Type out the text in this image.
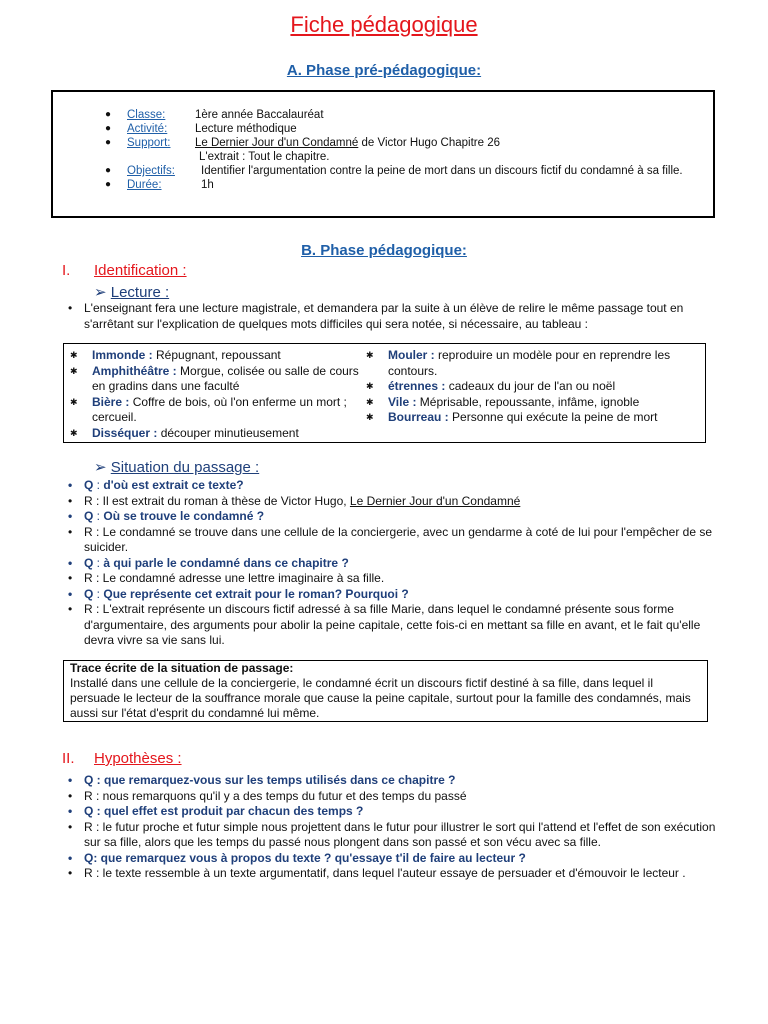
Fiche pédagogique
A. Phase pré-pédagogique:
● Classe:	1ère année Baccalauréat
● Activité: Lecture méthodique
● Support: Le Dernier Jour d'un Condamné de Victor Hugo Chapitre 26
L'extrait : Tout le chapitre.
● Objectifs: Identifier l'argumentation contre la peine de mort dans un discours fictif du condamné à sa fille.
● Durée:	1h
B. Phase pédagogique:
I. Identification :
➢ Lecture :
• L'enseignant fera une lecture magistrale, et demandera par la suite à un élève de relire le même passage tout en s'arrêtant sur l'explication de quelques mots difficiles qui sera notée, si nécessaire, au tableau :
✱ Immonde : Répugnant, repoussant
✱ Amphithéâtre : Morgue, colisée ou salle de cours en gradins dans une faculté
✱ Bière : Coffre de bois, où l'on enferme un mort ; cercueil.
✱ Disséquer : découper minutieusement
✱ Mouler : reproduire un modèle pour en reprendre les contours.
✱ étrennes : cadeaux du jour de l'an ou noël
✱ Vile : Méprisable, repoussante, infâme, ignoble
✱ Bourreau : Personne qui exécute la peine de mort
➢ Situation du passage :
• Q : d'où est extrait ce texte?
• R : Il est extrait du roman à thèse de Victor Hugo, Le Dernier Jour d'un Condamné
• Q : Où se trouve le condamné ?
• R : Le condamné se trouve dans une cellule de la conciergerie, avec un gendarme à coté de lui pour l'empêcher de se suicider.
• Q : à qui parle le condamné dans ce chapitre ?
• R : Le condamné adresse une lettre imaginaire à sa fille.
• Q : Que représente cet extrait pour le roman? Pourquoi ?
• R : L'extrait représente un discours fictif adressé à sa fille Marie, dans lequel le condamné présente sous forme d'argumentaire, des arguments pour abolir la peine capitale, cette fois-ci en mettant sa fille en avant, et le fait qu'elle devra vivre sa vie sans lui.
Trace écrite de la situation de passage:
Installé dans une cellule de la conciergerie, le condamné écrit un discours fictif destiné à sa fille, dans lequel il persuade le lecteur de la souffrance morale que cause la peine capitale, surtout pour la famille des condamnés, mais aussi sur l'état d'esprit du condamné lui même.
II. Hypothèses :
• Q : que remarquez-vous sur les temps utilisés dans ce chapitre ?
• R : nous remarquons qu'il y a des temps du futur et des temps du passé
• Q : quel effet est produit par chacun des temps ?
• R : le futur proche et futur simple nous projettent dans le futur pour illustrer le sort qui l'attend et l'effet de son exécution sur sa fille, alors que les temps du passé nous plongent dans son passé et son vécu avec sa fille.
• Q: que remarquez vous à propos du texte ? qu'essaye t'il de faire au lecteur ?
• R : le texte ressemble à un texte argumentatif, dans lequel l'auteur essaye de persuader et d'émouvoir le lecteur .
